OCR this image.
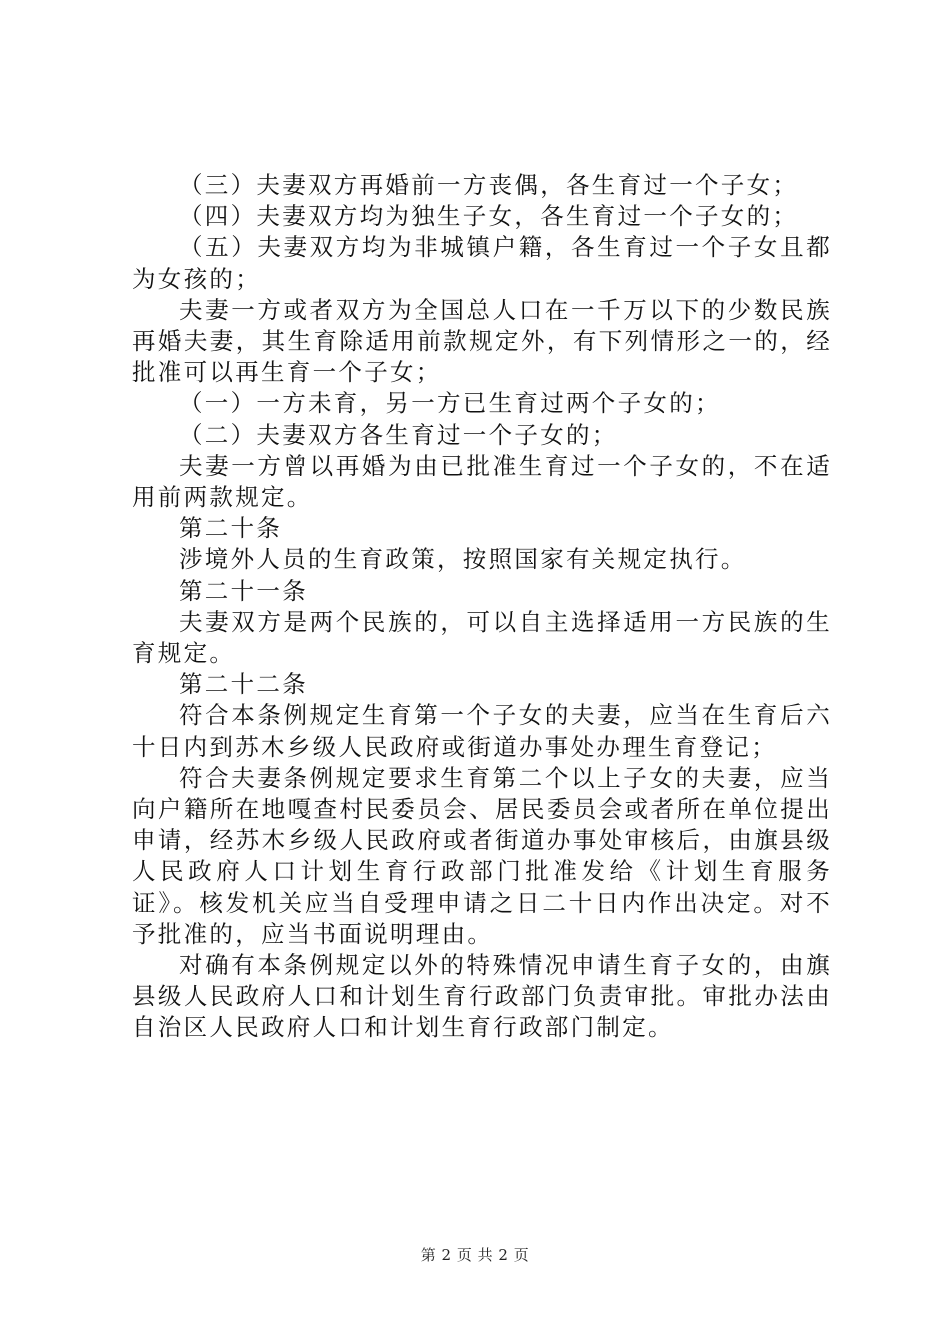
（三）夫妻双方再婚前一方丧偶，各生育过一个子女；

（四）夫妻双方均为独生子女，各生育过一个子女的；

（五）夫妻双方均为非城镇户籍，各生育过一个子女且都为女孩的；

夫妻一方或者双方为全国总人口在一千万以下的少数民族再婚夫妻，其生育除适用前款规定外，有下列情形之一的，经批准可以再生育一个子女；

（一）一方未育，另一方已生育过两个子女的；

（二）夫妻双方各生育过一个子女的；

夫妻一方曾以再婚为由已批准生育过一个子女的，不在适用前两款规定。

第二十条

涉境外人员的生育政策，按照国家有关规定执行。

第二十一条

夫妻双方是两个民族的，可以自主选择适用一方民族的生育规定。

第二十二条

符合本条例规定生育第一个子女的夫妻，应当在生育后六十日内到苏木乡级人民政府或街道办事处办理生育登记；

符合夫妻条例规定要求生育第二个以上子女的夫妻，应当向户籍所在地嘎查村民委员会、居民委员会或者所在单位提出申请，经苏木乡级人民政府或者街道办事处审核后，由旗县级人民政府人口计划生育行政部门批准发给《计划生育服务证》。核发机关应当自受理申请之日二十日内作出决定。对不予批准的，应当书面说明理由。

对确有本条例规定以外的特殊情况申请生育子女的，由旗县级人民政府人口和计划生育行政部门负责审批。审批办法由自治区人民政府人口和计划生育行政部门制定。

第 2 页 共 2 页
